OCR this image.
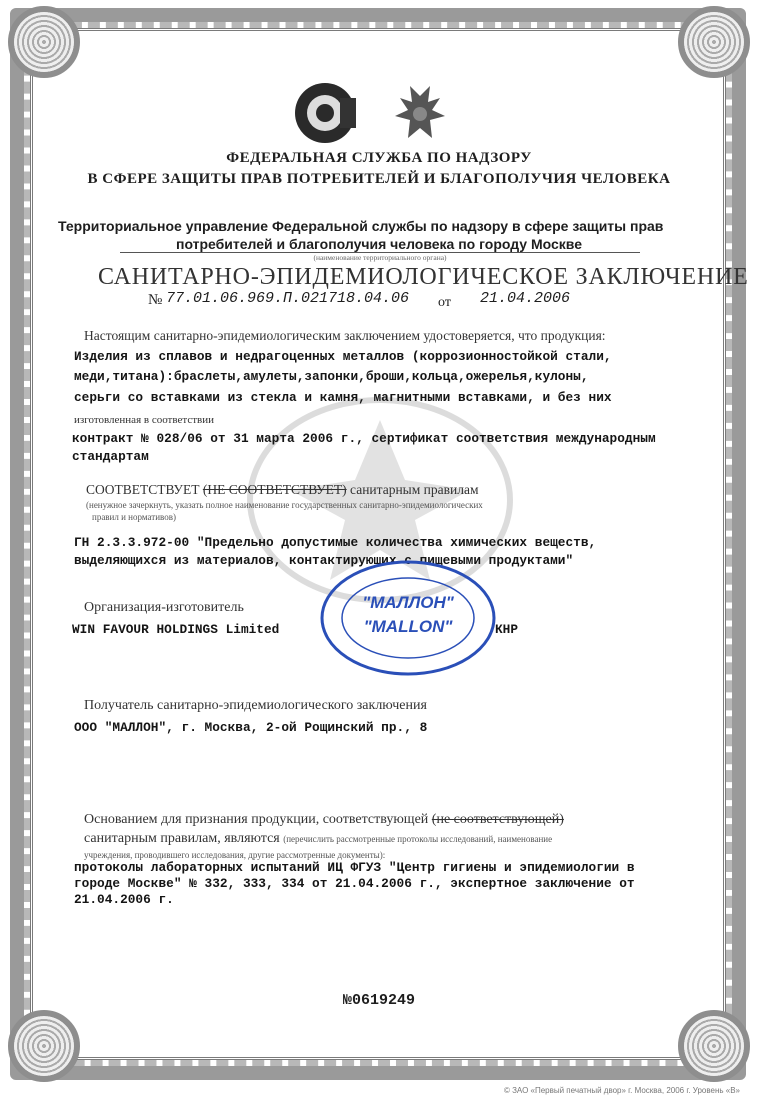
ФЕДЕРАЛЬНАЯ СЛУЖБА ПО НАДЗОРУ
В СФЕРЕ ЗАЩИТЫ ПРАВ ПОТРЕБИТЕЛЕЙ И БЛАГОПОЛУЧИЯ ЧЕЛОВЕКА
Территориальное управление Федеральной службы по надзору в сфере защиты прав
потребителей и благополучия человека по городу Москве
(наименование территориального органа)
САНИТАРНО-ЭПИДЕМИОЛОГИЧЕСКОЕ ЗАКЛЮЧЕНИЕ
№ 77.01.06.969.П.021718.04.06 от 21.04.2006
Настоящим санитарно-эпидемиологическим заключением удостоверяется, что продукция:
Изделия из сплавов и недрагоценных металлов (коррозионностойкой стали,
меди,титана):браслеты,амулеты,запонки,броши,кольца,ожерелья,кулоны,
серьги со вставками из стекла и камня, магнитными вставками, и без них
изготовленная в соответствии
контракт № 028/06 от 31 марта 2006 г., сертификат соответствия международным
стандартам
СООТВЕТСТВУЕТ (НЕ СООТВЕТСТВУЕТ) санитарным правилам
(ненужное зачеркнуть, указать полное наименование государственных санитарно-эпидемиологических
правил и нормативов)
ГН 2.3.3.972-00 "Предельно допустимые количества химических веществ,
выделяющихся из материалов, контактирующих с пищевыми продуктами"
Организация-изготовитель
WIN FAVOUR HOLDINGS Limited	КНР
"МАЛЛОН"
"MALLON"
Получатель санитарно-эпидемиологического заключения
ООО "МАЛЛОН", г. Москва, 2-ой Рощинский пр., 8
Основанием для признания продукции, соответствующей (не соответствующей)
санитарным правилам, являются (перечислить рассмотренные протоколы исследований, наименование
учреждения, проводившего исследования, другие рассмотренные документы):
протоколы лабораторных испытаний ИЦ ФГУЗ "Центр гигиены и эпидемиологии в
городе Москве" № 332, 333, 334 от 21.04.2006 г., экспертное заключение от
21.04.2006 г.
№0619249
© ЗАО «Первый печатный двор» г. Москва, 2006 г. Уровень «В»
